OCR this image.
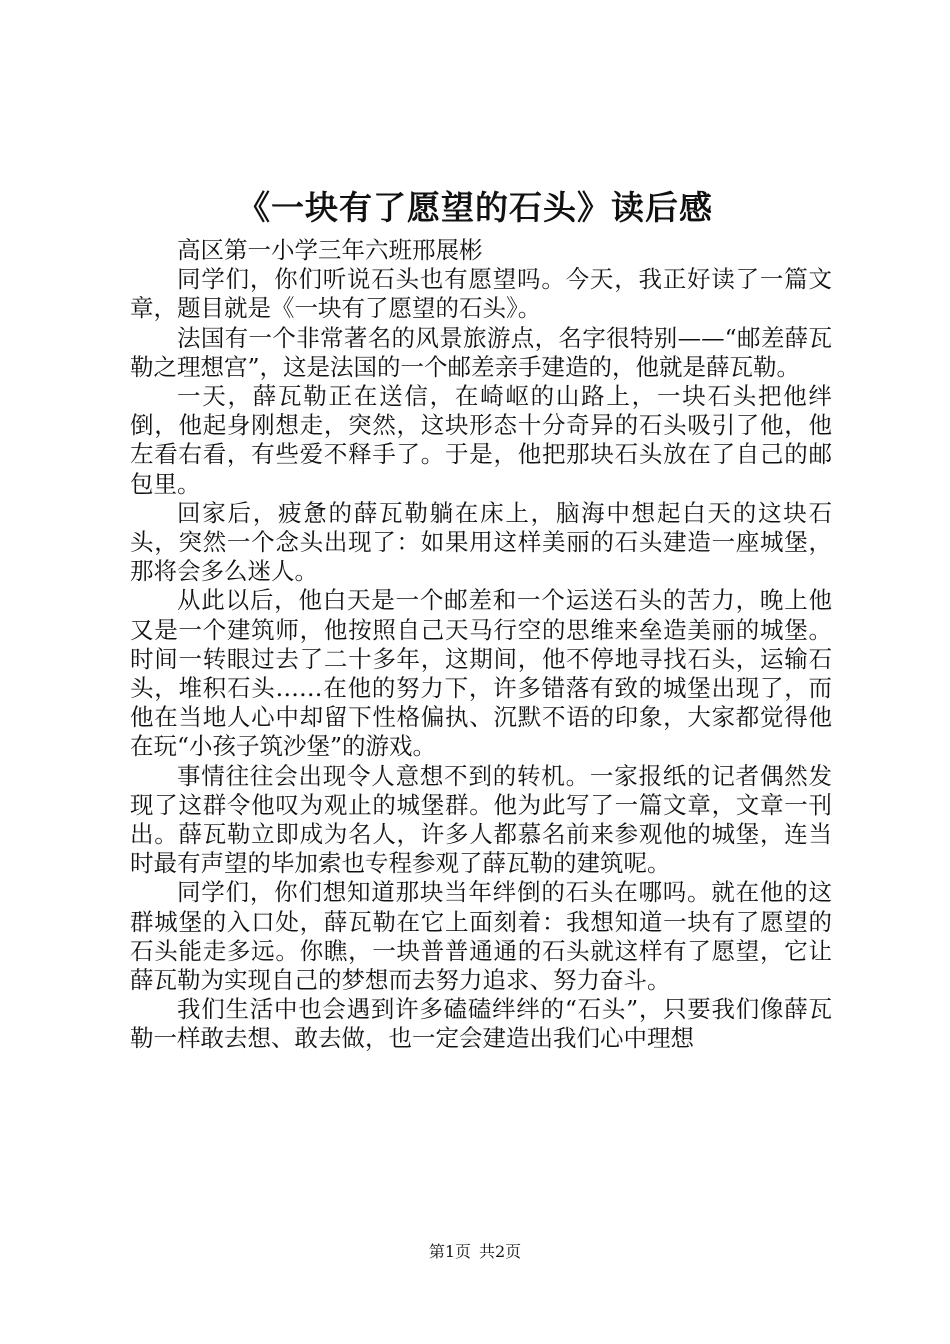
《一块有了愿望的石头》读后感

高区第一小学三年六班邢展彬

同学们，你们听说石头也有愿望吗。今天，我正好读了一篇文章，题目就是《一块有了愿望的石头》。

法国有一个非常著名的风景旅游点，名字很特别——“邮差薛瓦勒之理想宫”，这是法国的一个邮差亲手建造的，他就是薛瓦勒。

一天，薛瓦勒正在送信，在崎岖的山路上，一块石头把他绊倒，他起身刚想走，突然，这块形态十分奇异的石头吸引了他，他左看右看，有些爱不释手了。于是，他把那块石头放在了自己的邮包里。

回家后，疲惫的薛瓦勒躺在床上，脑海中想起白天的这块石头，突然一个念头出现了：如果用这样美丽的石头建造一座城堡，那将会多么迷人。

从此以后，他白天是一个邮差和一个运送石头的苦力，晚上他又是一个建筑师，他按照自己天马行空的思维来垒造美丽的城堡。时间一转眼过去了二十多年，这期间，他不停地寻找石头，运输石头，堆积石头……在他的努力下，许多错落有致的城堡出现了，而他在当地人心中却留下性格偏执、沉默不语的印象，大家都觉得他在玩“小孩子筑沙堡”的游戏。

事情往往会出现令人意想不到的转机。一家报纸的记者偶然发现了这群令他叹为观止的城堡群。他为此写了一篇文章，文章一刊出。薛瓦勒立即成为名人，许多人都慕名前来参观他的城堡，连当时最有声望的毕加索也专程参观了薛瓦勒的建筑呢。

同学们，你们想知道那块当年绊倒的石头在哪吗。就在他的这群城堡的入口处，薛瓦勒在它上面刻着：我想知道一块有了愿望的石头能走多远。你瞧，一块普普通通的石头就这样有了愿望，它让薛瓦勒为实现自己的梦想而去努力追求、努力奋斗。

我们生活中也会遇到许多磕磕绊绊的“石头”，只要我们像薛瓦勒一样敢去想、敢去做，也一定会建造出我们心中理想

第1页 共2页
